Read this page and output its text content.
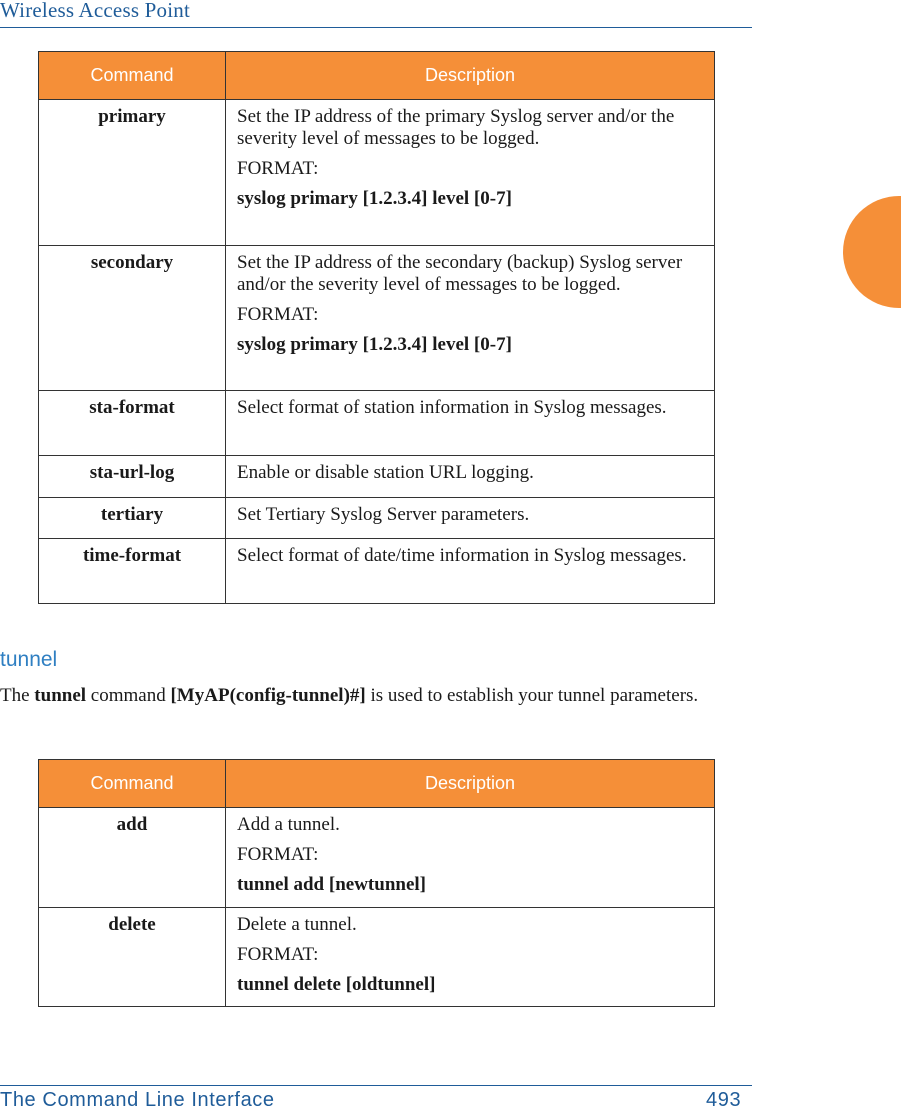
Wireless Access Point
Command	Description
primary	Set the IP address of the primary Syslog server and/or the severity level of messages to be logged.

FORMAT:

syslog primary [1.2.3.4] level [0-7]

secondary	Set the IP address of the secondary (backup) Syslog server and/or the severity level of messages to be logged.

FORMAT:

syslog primary [1.2.3.4] level [0-7]

sta-format	Select format of station information in Syslog messages.

sta-url-log	Enable or disable station URL logging.

tertiary	Set Tertiary Syslog Server parameters.

time-format	Select format of date/time information in Syslog messages.

tunnel

The tunnel command [MyAP(config-tunnel)#] is used to establish your tunnel parameters.

Command	Description
add	Add a tunnel.

FORMAT:

tunnel add [newtunnel]

delete	Delete a tunnel.

FORMAT:

tunnel delete [oldtunnel]

The Command Line Interface	493
